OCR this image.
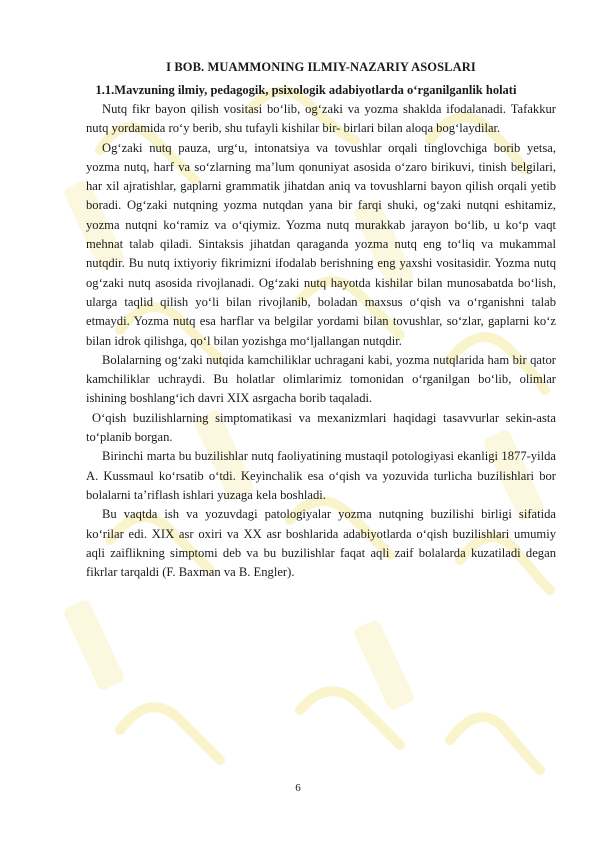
I BOB. MUAMMONING ILMIY-NAZARIY ASOSLARI

1.1.Mavzuning ilmiy, pedagogik, psixologik adabiyotlarda o‘rganilganlik holati

Nutq fikr bayon qilish vositasi bo‘lib, og‘zaki va yozma shaklda ifodalanadi. Tafakkur nutq yordamida ro‘y berib, shu tufayli kishilar bir- birlari bilan aloqa bog‘laydilar.

Og‘zaki nutq pauza, urg‘u, intonatsiya va tovushlar orqali tinglovchiga borib yetsa, yozma nutq, harf va so‘zlarning ma’lum qonuniyat asosida o‘zaro birikuvi, tinish belgilari, har xil ajratishlar, gaplarni grammatik jihatdan aniq va tovushlarni bayon qilish orqali yetib boradi. Og‘zaki nutqning yozma nutqdan yana bir farqi shuki, og‘zaki nutqni eshitamiz, yozma nutqni ko‘ramiz va o‘qiymiz. Yozma nutq murakkab jarayon bo‘lib, u ko‘p vaqt mehnat talab qiladi. Sintaksis jihatdan qaraganda yozma nutq eng to‘liq va mukammal nutqdir. Bu nutq ixtiyoriy fikrimizni ifodalab berishning eng yaxshi vositasidir. Yozma nutq og‘zaki nutq asosida rivojlanadi. Og‘zaki nutq hayotda kishilar bilan munosabatda bo‘lish, ularga taqlid qilish yo‘li bilan rivojlanib, boladan maxsus o‘qish va o‘rganishni talab etmaydi. Yozma nutq esa harflar va belgilar yordami bilan tovushlar, so‘zlar, gaplarni ko‘z bilan idrok qilishga, qo‘l bilan yozishga mo‘ljallangan nutqdir.

Bolalarning og‘zaki nutqida kamchiliklar uchragani kabi, yozma nutqlarida ham bir qator kamchiliklar uchraydi. Bu holatlar olimlarimiz tomonidan o‘rganilgan bo‘lib, olimlar ishining boshlang‘ich davri XIX asrgacha borib taqaladi.

O‘qish buzilishlarning simptomatikasi va mexanizmlari haqidagi tasavvurlar sekin-asta to‘planib borgan.

Birinchi marta bu buzilishlar nutq faoliyatining mustaqil potologiyasi ekanligi 1877-yilda A. Kussmaul ko‘rsatib o‘tdi. Keyinchalik esa o‘qish va yozuvida turlicha buzilishlari bor bolalarni ta’riflash ishlari yuzaga kela boshladi.

Bu vaqtda ish va yozuvdagi patologiyalar yozma nutqning buzilishi birligi sifatida ko‘rilar edi. XIX asr oxiri va XX asr boshlarida adabiyotlarda o‘qish buzilishlari umumiy aqli zaiflikning simptomi deb va bu buzilishlar faqat aqli zaif bolalarda kuzatiladi degan fikrlar tarqaldi (F. Baxman va B. Engler).

6
